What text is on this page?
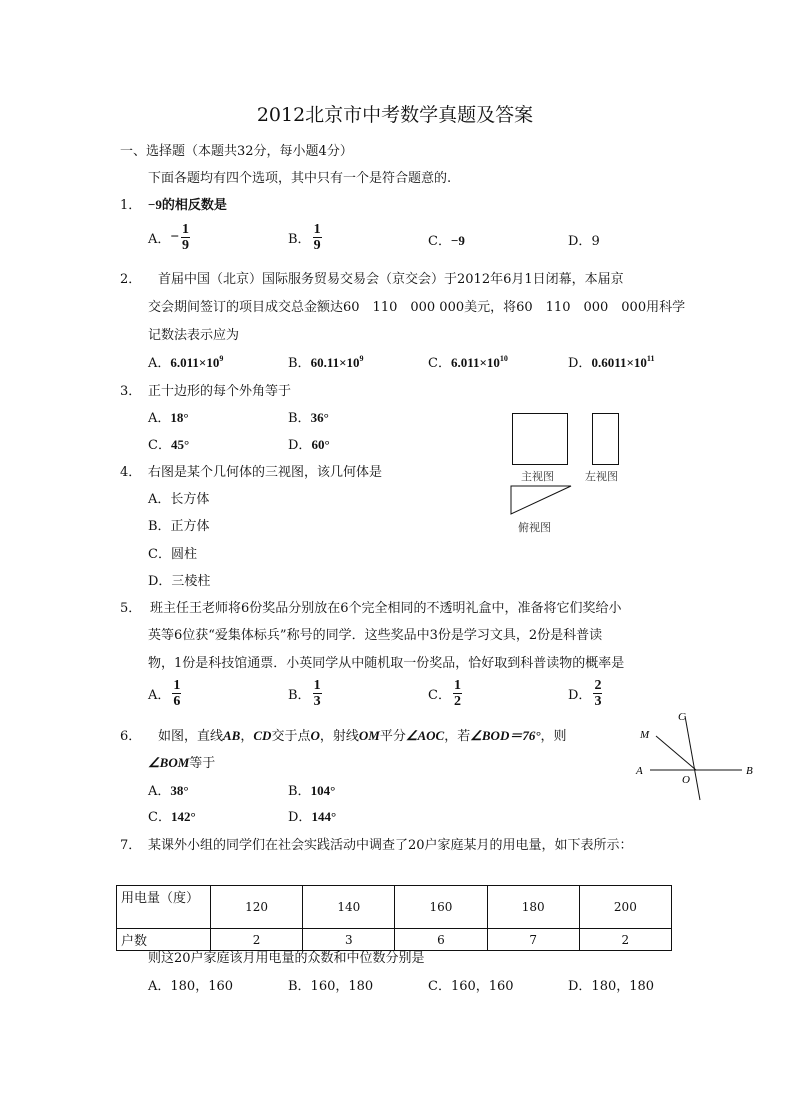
2012北京市中考数学真题及答案
一、选择题（本题共32分，每小题4分）
下面各题均有四个选项，其中只有一个是符合题意的.
1． −9的相反数是
A． − $\frac{1}{9}$	B． $\frac{1}{9}$	C．−9	D．9
2． 首届中国（北京）国际服务贸易交易会（京交会）于2012年6月1日闭幕，本届京
交会期间签订的项目成交总金额达60　110　000 000美元，将60　110　000　000用科学
记数法表示应为
A．$6.011\times 10^9$	B．$60.11\times 10^9$	C．$6.011\times 10^{10}$	D．$0.6011\times 10^{11}$
3． 正十边形的每个外角等于
A．18°	B．36°
C．45°	D．60°
4． 右图是某个几何体的三视图，该几何体是
A．长方体
B．正方体
C．圆柱
D．三棱柱
主视图	左视图
俯视图
5． 班主任王老师将6份奖品分别放在6个完全相同的不透明礼盒中，准备将它们奖给小
英等6位获“爱集体标兵”称号的同学．这些奖品中3份是学习文具，2份是科普读
物，1份是科技馆通票．小英同学从中随机取一份奖品，恰好取到科普读物的概率是
A． $\frac{1}{6}$	B． $\frac{1}{3}$	C． $\frac{1}{2}$	D． $\frac{2}{3}$
6． 如图，直线AB，CD交于点O，射线OM平分∠AOC，若∠BOD＝76°，则
∠BOM等于
A．38°	B．104°
C．142°	D．144°
A	B
C
M
O
7． 某课外小组的同学们在社会实践活动中调查了20户家庭某月的用电量，如下表所示：
用电量（度）	120	140	160	180	200
户数	2	3	6	7	2
则这20户家庭该月用电量的众数和中位数分别是
A．180，160	B．160，180	C．160，160	D．180，180
